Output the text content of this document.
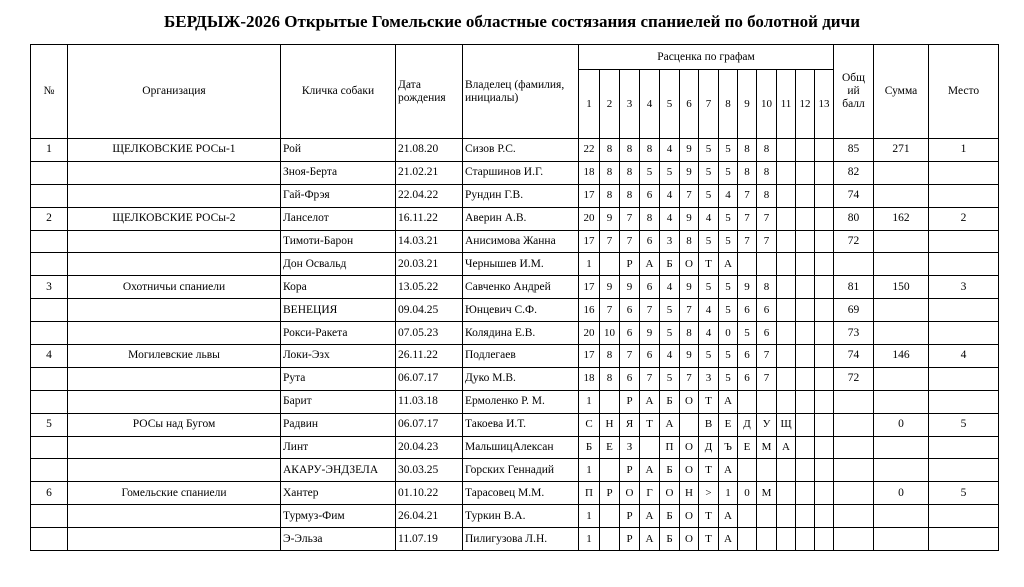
БЕРДЫЖ-2026 Открытые Гомельские областные состязания спаниелей по болотной дичи
№	Организация	Кличка собаки	Дата
рождения	Владелец (фамилия,
инициалы)	Расценка по графам													Общ
ий
балл	Сумма	Место
					1	2	3	4	5	6	7	8	9	10	11	12	13			
1	ЩЕЛКОВСКИЕ РОСы-1	Рой	21.08.20	Сизов Р.С.	22	8	8	8	4	9	5	5	8	8				85	271	1
		Зноя-Берта	21.02.21	Старшинов И.Г.	18	8	8	5	5	9	5	5	8	8				82		
		Гай-Фрэя	22.04.22	Рундин Г.В.	17	8	8	6	4	7	5	4	7	8				74		
2	ЩЕЛКОВСКИЕ РОСы-2	Ланселот	16.11.22	Аверин А.В.	20	9	7	8	4	9	4	5	7	7				80	162	2
		Тимоти-Барон	14.03.21	Анисимова Жанна	17	7	7	6	3	8	5	5	7	7				72		
		Дон Освальд	20.03.21	Чернышев И.М.	1		Р	А	Б	О	Т	А								
3	Охотничьи спаниели	Кора	13.05.22	Савченко Андрей	17	9	9	6	4	9	5	5	9	8				81	150	3
		ВЕНЕЦИЯ	09.04.25	Юнцевич С.Ф.	16	7	6	7	5	7	4	5	6	6				69		
		Рокси-Ракета	07.05.23	Колядина Е.В.	20	10	6	9	5	8	4	0	5	6				73		
4	Могилевские львы	Локи-Эзх	26.11.22	Подлегаев	17	8	7	6	4	9	5	5	6	7				74	146	4
		Рута	06.07.17	Дуко М.В.	18	8	6	7	5	7	3	5	6	7				72		
		Барит	11.03.18	Ермоленко Р. М.	1		Р	А	Б	О	Т	А								
5	РОСы над Бугом	Радвин	06.07.17	Такоева И.Т.	С	Н	Я	Т	А		В	Е	Д	У	Щ				0	5
		Линт	20.04.23	МальшицАлексан	Б	Е	З		П	О	Д	Ъ	Е	М	А					
		АКАРУ-ЭНДЗЕЛА	30.03.25	Горских Геннадий	1		Р	А	Б	О	Т	А								
6	Гомельские спаниели	Хантер	01.10.22	Тарасовец М.М.	П	Р	О	Г	О	Н	>	1	0	М					0	5
		Турмуз-Фим	26.04.21	Туркин В.А.	1		Р	А	Б	О	Т	А								
		Э-Эльза	11.07.19	Пилигузова Л.Н.	1		Р	А	Б	О	Т	А								
